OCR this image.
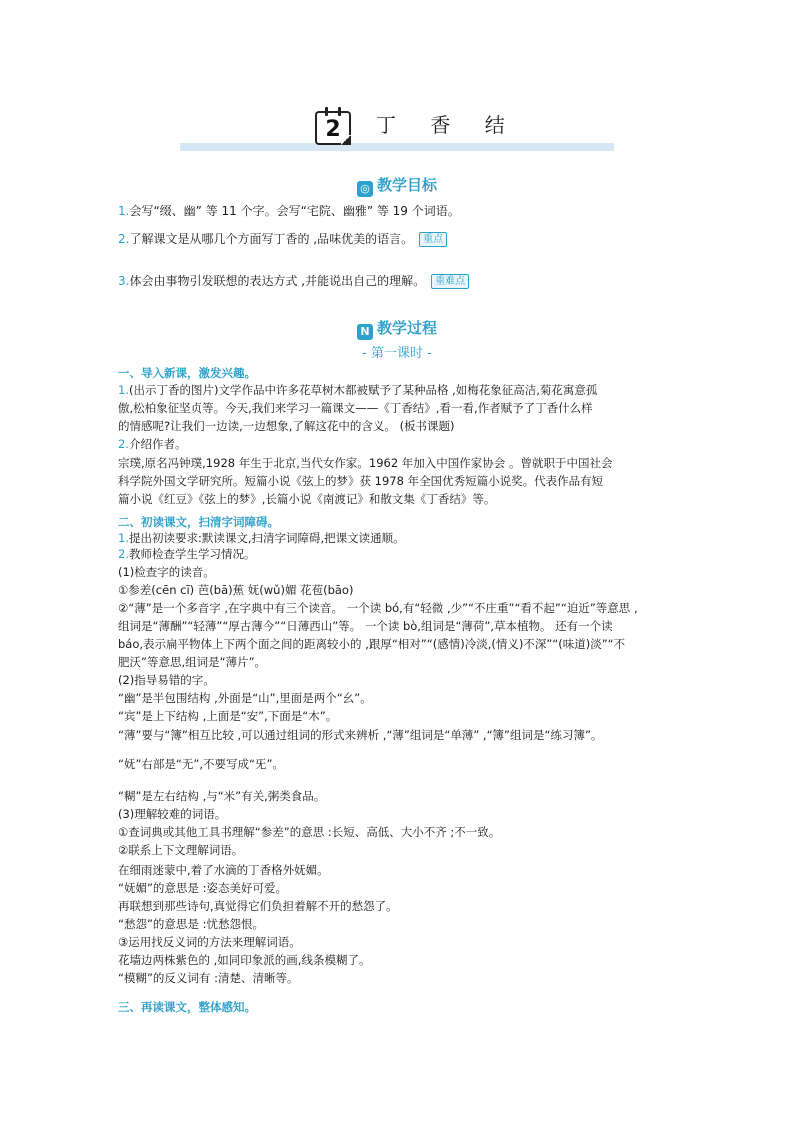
2	丁 香 结
◎ 教学目标
1.会写“缀、幽” 等 11 个字。会写“宅院、幽雅” 等 19 个词语。
2.了解课文是从哪几个方面写丁香的 ,品味优美的语言。 重点
3.体会由事物引发联想的表达方式 ,并能说出自己的理解。 重难点
N 教学过程
- 第一课时 -
一、导入新课，激发兴趣。
1.(出示丁香的图片)文学作品中许多花草树木都被赋予了某种品格 ,如梅花象征高洁,菊花寓意孤
傲,松柏象征坚贞等。今天,我们来学习一篇课文——《丁香结》,看一看,作者赋予了丁香什么样
的情感呢?让我们一边读,一边想象,了解这花中的含义。 (板书课题)
2.介绍作者。
宗璞,原名冯钟璞,1928 年生于北京,当代女作家。1962 年加入中国作家协会 。曾就职于中国社会
科学院外国文学研究所。短篇小说《弦上的梦》获 1978 年全国优秀短篇小说奖。代表作品有短
篇小说《红豆》《弦上的梦》,长篇小说《南渡记》和散文集《丁香结》等。
二、初读课文，扫清字词障碍。
1.提出初读要求:默读课文,扫清字词障碍,把课文读通顺。
2.教师检查学生学习情况。
(1)检查字的读音。
①参差(cēn cī) 芭(bā)蕉 妩(wǔ)媚 花苞(bāo)
②“薄”是一个多音字 ,在字典中有三个读音。 一个读 bó,有“轻微 ,少”“不庄重”“看不起”“迫近”等意思 ,
组词是“薄酬”“轻薄”“厚古薄今”“日薄西山”等。 一个读 bò,组词是“薄荷”,草本植物。 还有一个读
báo,表示扁平物体上下两个面之间的距离较小的 ,跟厚“相对”“(感情)冷淡,(情义)不深”“(味道)淡”“不
肥沃”等意思,组词是“薄片”。
(2)指导易错的字。
“幽”是半包围结构 ,外面是“山”,里面是两个“幺”。
“宾”是上下结构 ,上面是“安”,下面是“木”。
“薄”要与“簿”相互比较 ,可以通过组词的形式来辨析 ,“薄”组词是“单薄” ,“簿”组词是“练习簿”。
“妩”右部是“无”,不要写成“旡”。
“糊”是左右结构 ,与“米”有关,粥类食品。
(3)理解较难的词语。
①查词典或其他工具书理解“参差”的意思 :长短、高低、大小不齐 ;不一致。
②联系上下文理解词语。
在细雨迷蒙中,着了水滴的丁香格外妩媚。
“妩媚”的意思是 :姿态美好可爱。
再联想到那些诗句,真觉得它们负担着解不开的愁怨了。
“愁怨”的意思是 :忧愁怨恨。
③运用找反义词的方法来理解词语。
花墙边两株紫色的 ,如同印象派的画,线条模糊了。
“模糊”的反义词有 :清楚、清晰等。
三、再读课文，整体感知。
